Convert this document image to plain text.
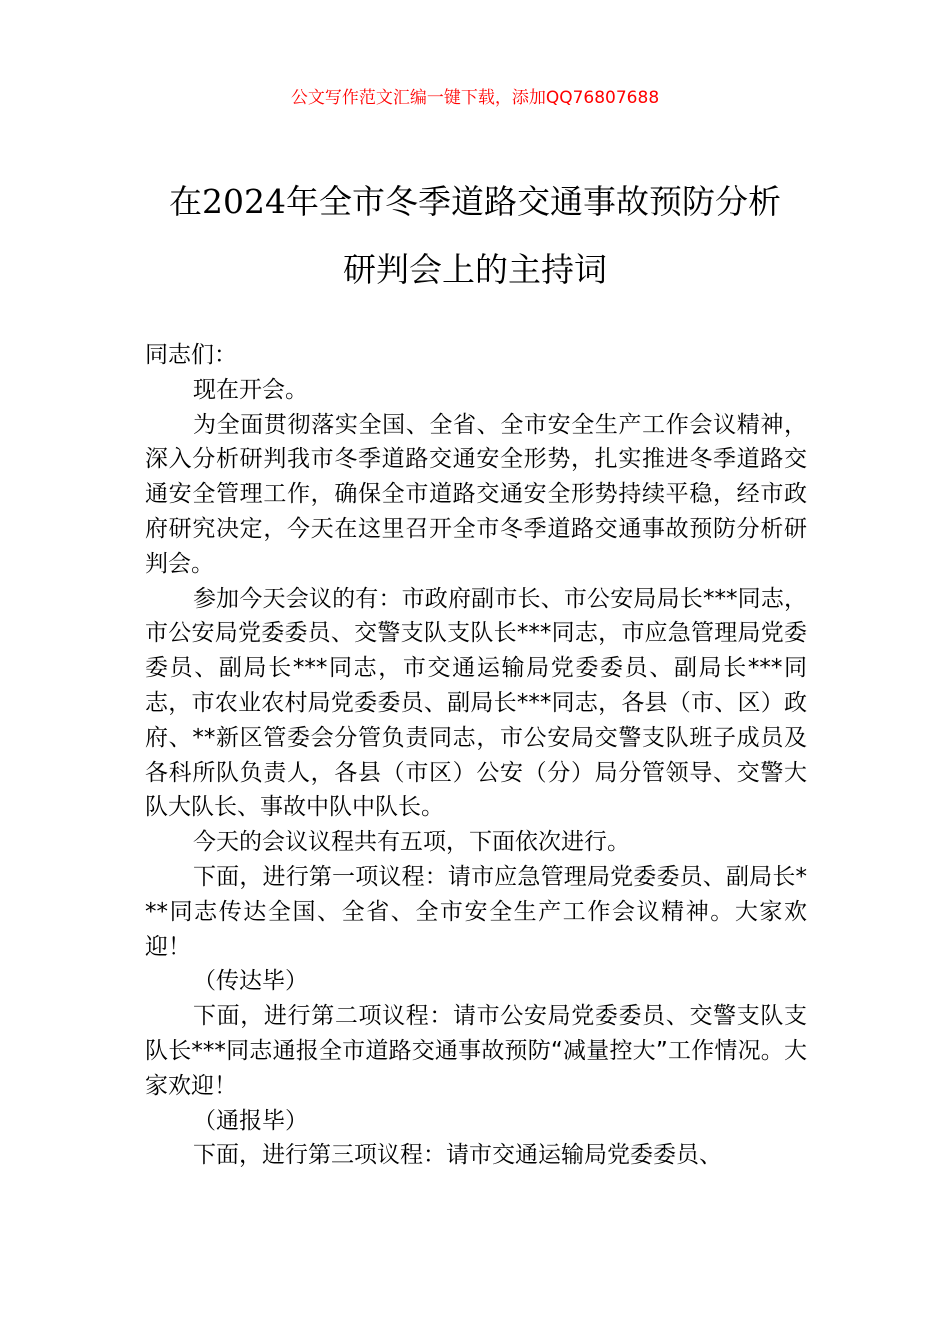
公文写作范文汇编一键下载，添加QQ76807688
在2024年全市冬季道路交通事故预防分析
研判会上的主持词

同志们：

现在开会。

为全面贯彻落实全国、全省、全市安全生产工作会议精神，深入分析研判我市冬季道路交通安全形势，扎实推进冬季道路交通安全管理工作，确保全市道路交通安全形势持续平稳，经市政府研究决定，今天在这里召开全市冬季道路交通事故预防分析研判会。

参加今天会议的有：市政府副市长、市公安局局长***同志，市公安局党委委员、交警支队支队长***同志，市应急管理局党委委员、副局长***同志，市交通运输局党委委员、副局长***同志，市农业农村局党委委员、副局长***同志，各县（市、区）政府、**新区管委会分管负责同志，市公安局交警支队班子成员及各科所队负责人，各县（市区）公安（分）局分管领导、交警大队大队长、事故中队中队长。

今天的会议议程共有五项，下面依次进行。

下面，进行第一项议程：请市应急管理局党委委员、副局长***同志传达全国、全省、全市安全生产工作会议精神。大家欢迎！

（传达毕）

下面，进行第二项议程：请市公安局党委委员、交警支队支队长***同志通报全市道路交通事故预防“减量控大”工作情况。大家欢迎！

（通报毕）

下面，进行第三项议程：请市交通运输局党委委员、
